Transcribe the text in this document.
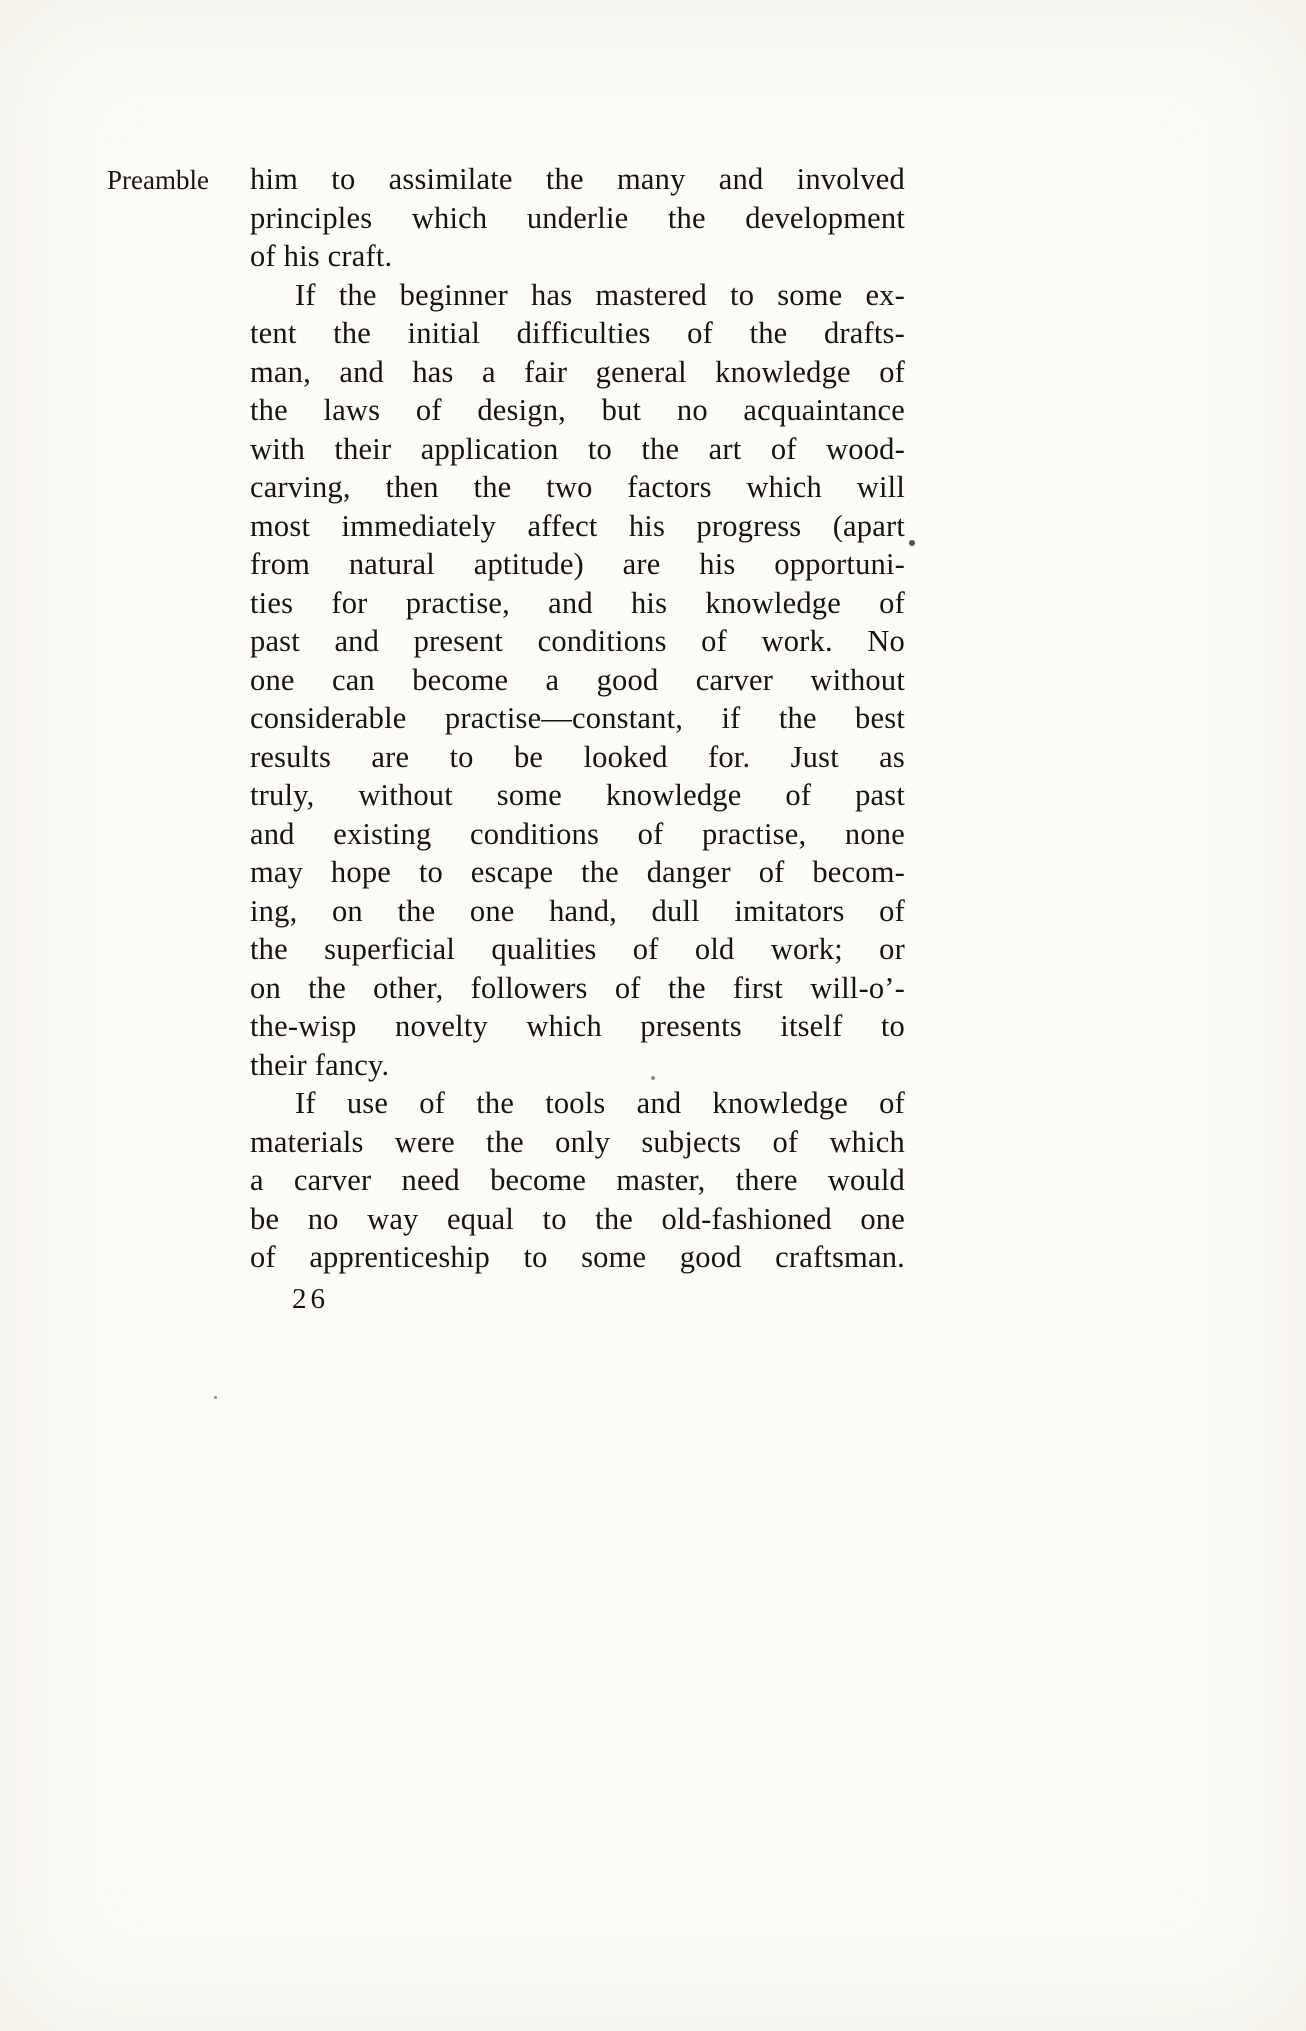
Preamble him to assimilate the many and involved
principles which underlie the development
of his craft.
If the beginner has mastered to some ex-
tent the initial difficulties of the drafts-
man, and has a fair general knowledge of
the laws of design, but no acquaintance
with their application to the art of wood-
carving, then the two factors which will
most immediately affect his progress (apart
from natural aptitude) are his opportuni-
ties for practise, and his knowledge of
past and present conditions of work. No
one can become a good carver without
considerable practise—constant, if the best
results are to be looked for. Just as
truly, without some knowledge of past
and existing conditions of practise, none
may hope to escape the danger of becom-
ing, on the one hand, dull imitators of
the superficial qualities of old work; or
on the other, followers of the first will-o’-
the-wisp novelty which presents itself to
their fancy.
If use of the tools and knowledge of
materials were the only subjects of which
a carver need become master, there would
be no way equal to the old-fashioned one
of apprenticeship to some good craftsman.
26
